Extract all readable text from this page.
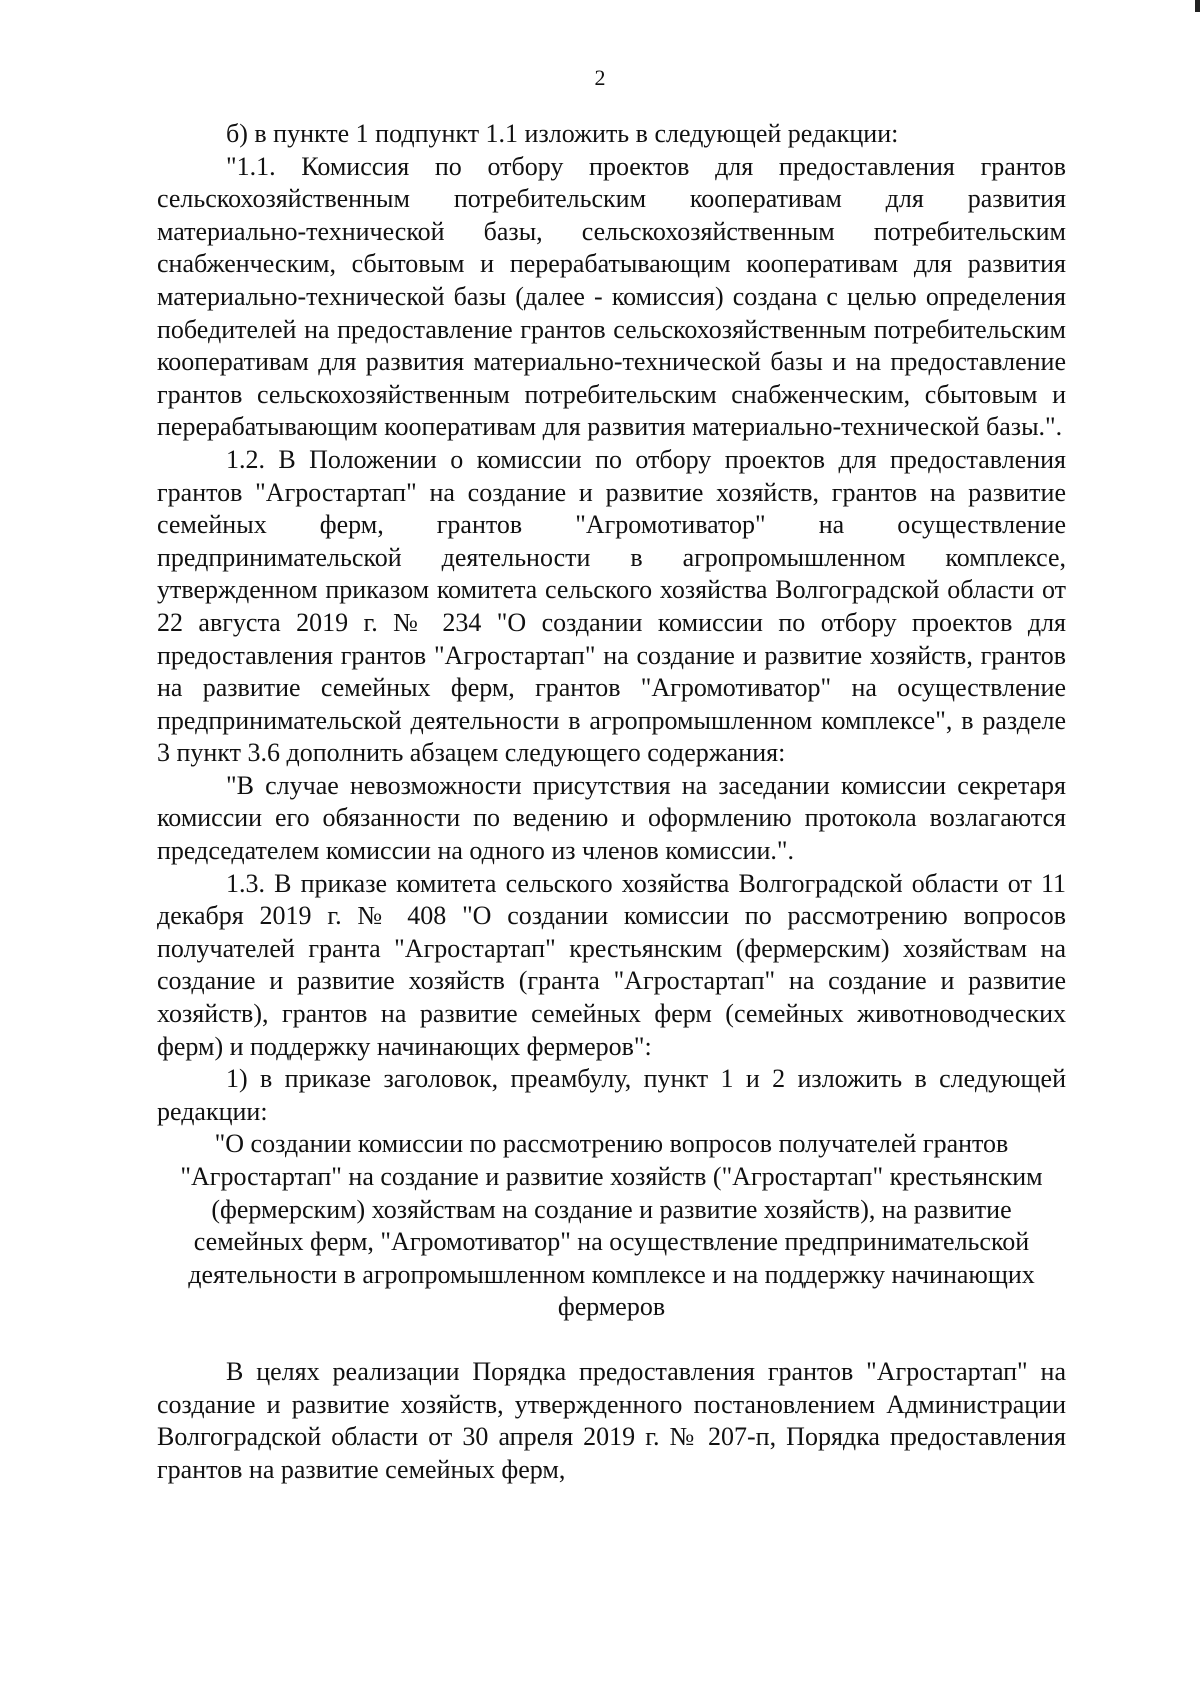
2

б) в пункте 1 подпункт 1.1 изложить в следующей редакции:

"1.1. Комиссия по отбору проектов для предоставления грантов сельскохозяйственным потребительским кооперативам для развития материально-технической базы, сельскохозяйственным потребительским снабженческим, сбытовым и перерабатывающим кооперативам для развития материально-технической базы (далее - комиссия) создана с целью определения победителей на предоставление грантов сельскохозяйственным потребительским кооперативам для развития материально-технической базы и на предоставление грантов сельскохозяйственным потребительским снабженческим, сбытовым и перерабатывающим кооперативам для развития материально-технической базы.".

1.2. В Положении о комиссии по отбору проектов для предоставления грантов "Агростартап" на создание и развитие хозяйств, грантов на развитие семейных ферм, грантов "Агромотиватор" на осуществление предпринимательской деятельности в агропромышленном комплексе, утвержденном приказом комитета сельского хозяйства Волгоградской области от 22 августа 2019 г. № 234 "О создании комиссии по отбору проектов для предоставления грантов "Агростартап" на создание и развитие хозяйств, грантов на развитие семейных ферм, грантов "Агромотиватор" на осуществление предпринимательской деятельности в агропромышленном комплексе", в разделе 3 пункт 3.6 дополнить абзацем следующего содержания:

"В случае невозможности присутствия на заседании комиссии секретаря комиссии его обязанности по ведению и оформлению протокола возлагаются председателем комиссии на одного из членов комиссии.".

1.3. В приказе комитета сельского хозяйства Волгоградской области от 11 декабря 2019 г. № 408 "О создании комиссии по рассмотрению вопросов получателей гранта "Агростартап" крестьянским (фермерским) хозяйствам на создание и развитие хозяйств (гранта "Агростартап" на создание и развитие хозяйств), грантов на развитие семейных ферм (семейных животноводческих ферм) и поддержку начинающих фермеров":

1) в приказе заголовок, преамбулу, пункт 1 и 2 изложить в следующей редакции:

"О создании комиссии по рассмотрению вопросов получателей грантов "Агростартап" на создание и развитие хозяйств ("Агростартап" крестьянским (фермерским) хозяйствам на создание и развитие хозяйств), на развитие семейных ферм, "Агромотиватор" на осуществление предпринимательской деятельности в агропромышленном комплексе и на поддержку начинающих фермеров

В целях реализации Порядка предоставления грантов "Агростартап" на создание и развитие хозяйств, утвержденного постановлением Администрации Волгоградской области от 30 апреля 2019 г. № 207-п, Порядка предоставления грантов на развитие семейных ферм,
